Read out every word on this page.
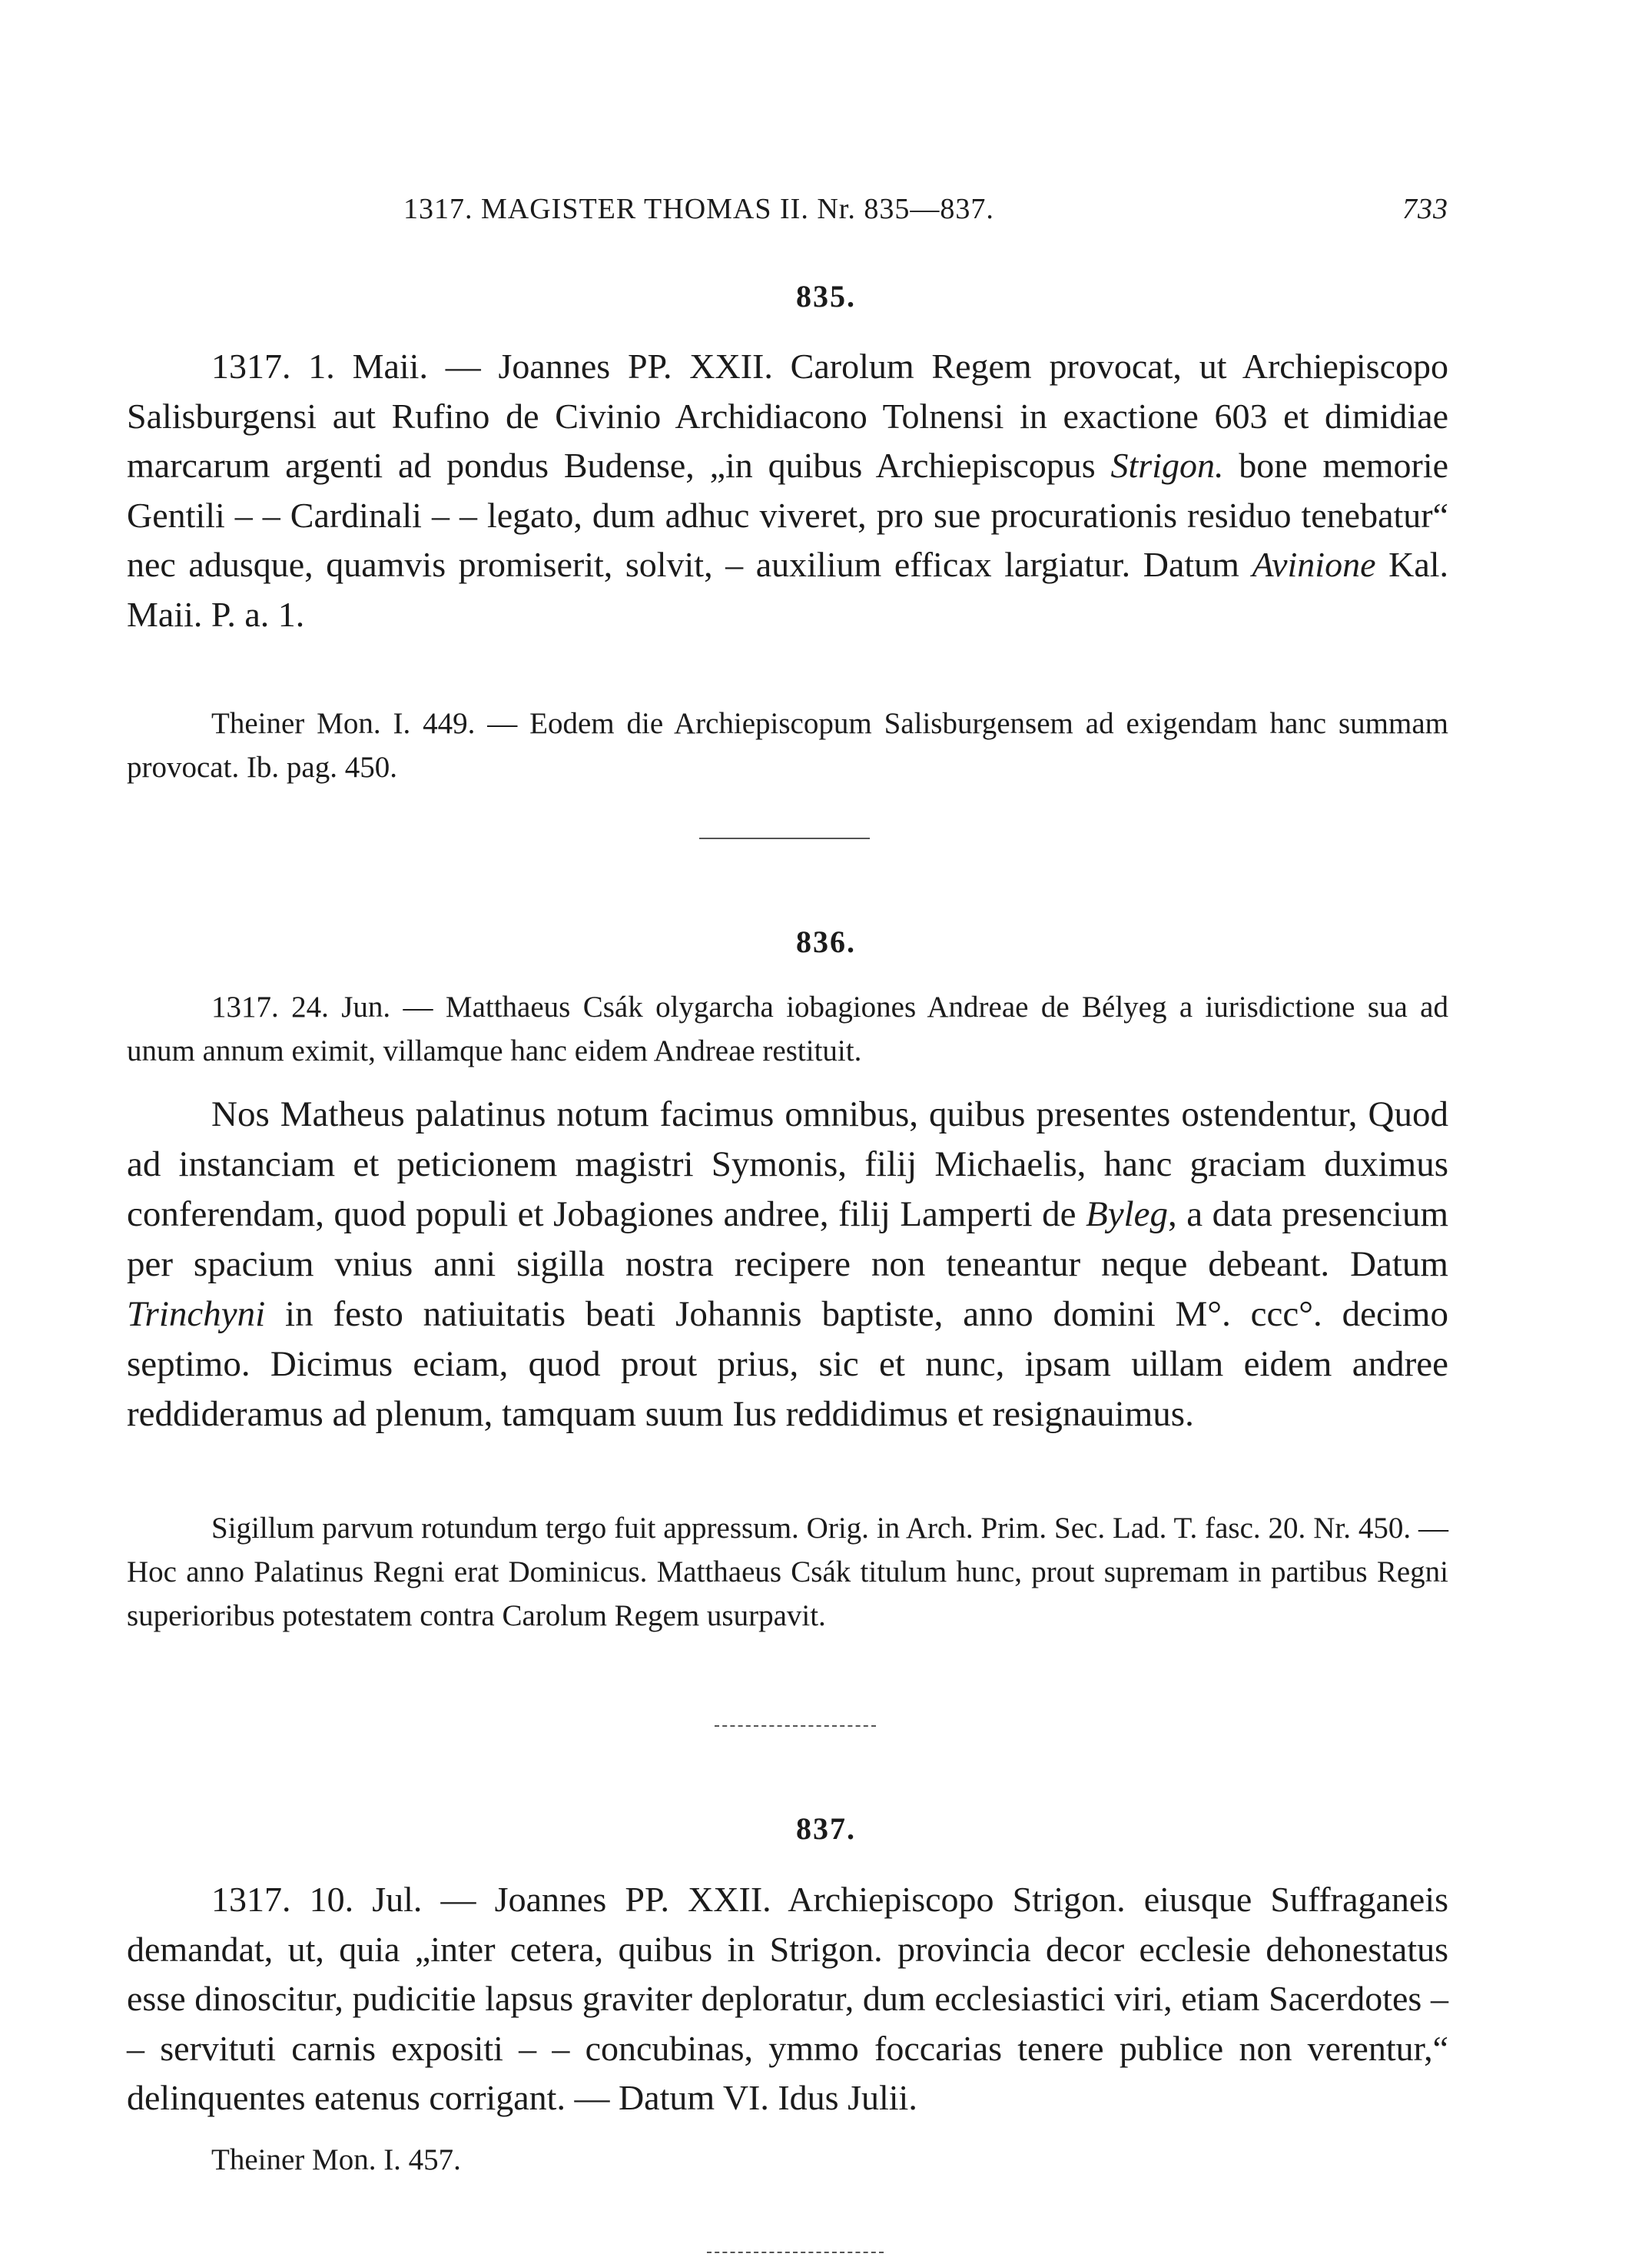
1317. MAGISTER THOMAS II. Nr. 835—837.	733
835.
1317. 1. Maii. — Joannes PP. XXII. Carolum Regem provocat, ut Archiepiscopo Salisburgensi aut Rufino de Civinio Archidiacono Tolnensi in exactione 603 et dimidiae marcarum argenti ad pondus Budense, „in quibus Archiepiscopus Strigon. bone memorie Gentili – – Cardinali – – legato, dum adhuc viveret, pro sue procurationis residuo tenebatur“ nec adusque, quamvis promiserit, solvit, – auxilium efficax largiatur. Datum Avinione Kal. Maii. P. a. 1.
Theiner Mon. I. 449. — Eodem die Archiepiscopum Salisburgensem ad exigendam hanc summam provocat. Ib. pag. 450.
836.
1317. 24. Jun. — Matthaeus Csák olygarcha iobagiones Andreae de Bélyeg a iurisdictione sua ad unum annum eximit, villamque hanc eidem Andreae restituit.
Nos Matheus palatinus notum facimus omnibus, quibus presentes ostendentur, Quod ad instanciam et peticionem magistri Symonis, filij Michaelis, hanc graciam duximus conferendam, quod populi et Jobagiones andree, filij Lamperti de Byleg, a data presencium per spacium vnius anni sigilla nostra recipere non teneantur neque debeant. Datum Trinchyni in festo natiuitatis beati Johannis baptiste, anno domini M°. ccc°. decimo septimo. Dicimus eciam, quod prout prius, sic et nunc, ipsam uillam eidem andree reddideramus ad plenum, tamquam suum Ius reddidimus et resignauimus.
Sigillum parvum rotundum tergo fuit appressum. Orig. in Arch. Prim. Sec. Lad. T. fasc. 20. Nr. 450. — Hoc anno Palatinus Regni erat Dominicus. Matthaeus Csák titulum hunc, prout supremam in partibus Regni superioribus potestatem contra Carolum Regem usurpavit.
837.
1317. 10. Jul. — Joannes PP. XXII. Archiepiscopo Strigon. eiusque Suffraganeis demandat, ut, quia „inter cetera, quibus in Strigon. provincia decor ecclesie dehonestatus esse dinoscitur, pudicitie lapsus graviter deploratur, dum ecclesiastici viri, etiam Sacerdotes – – servituti carnis expositi – – concubinas, ymmo foccarias tenere publice non verentur,“ delinquentes eatenus corrigant. — Datum VI. Idus Julii.
Theiner Mon. I. 457.
